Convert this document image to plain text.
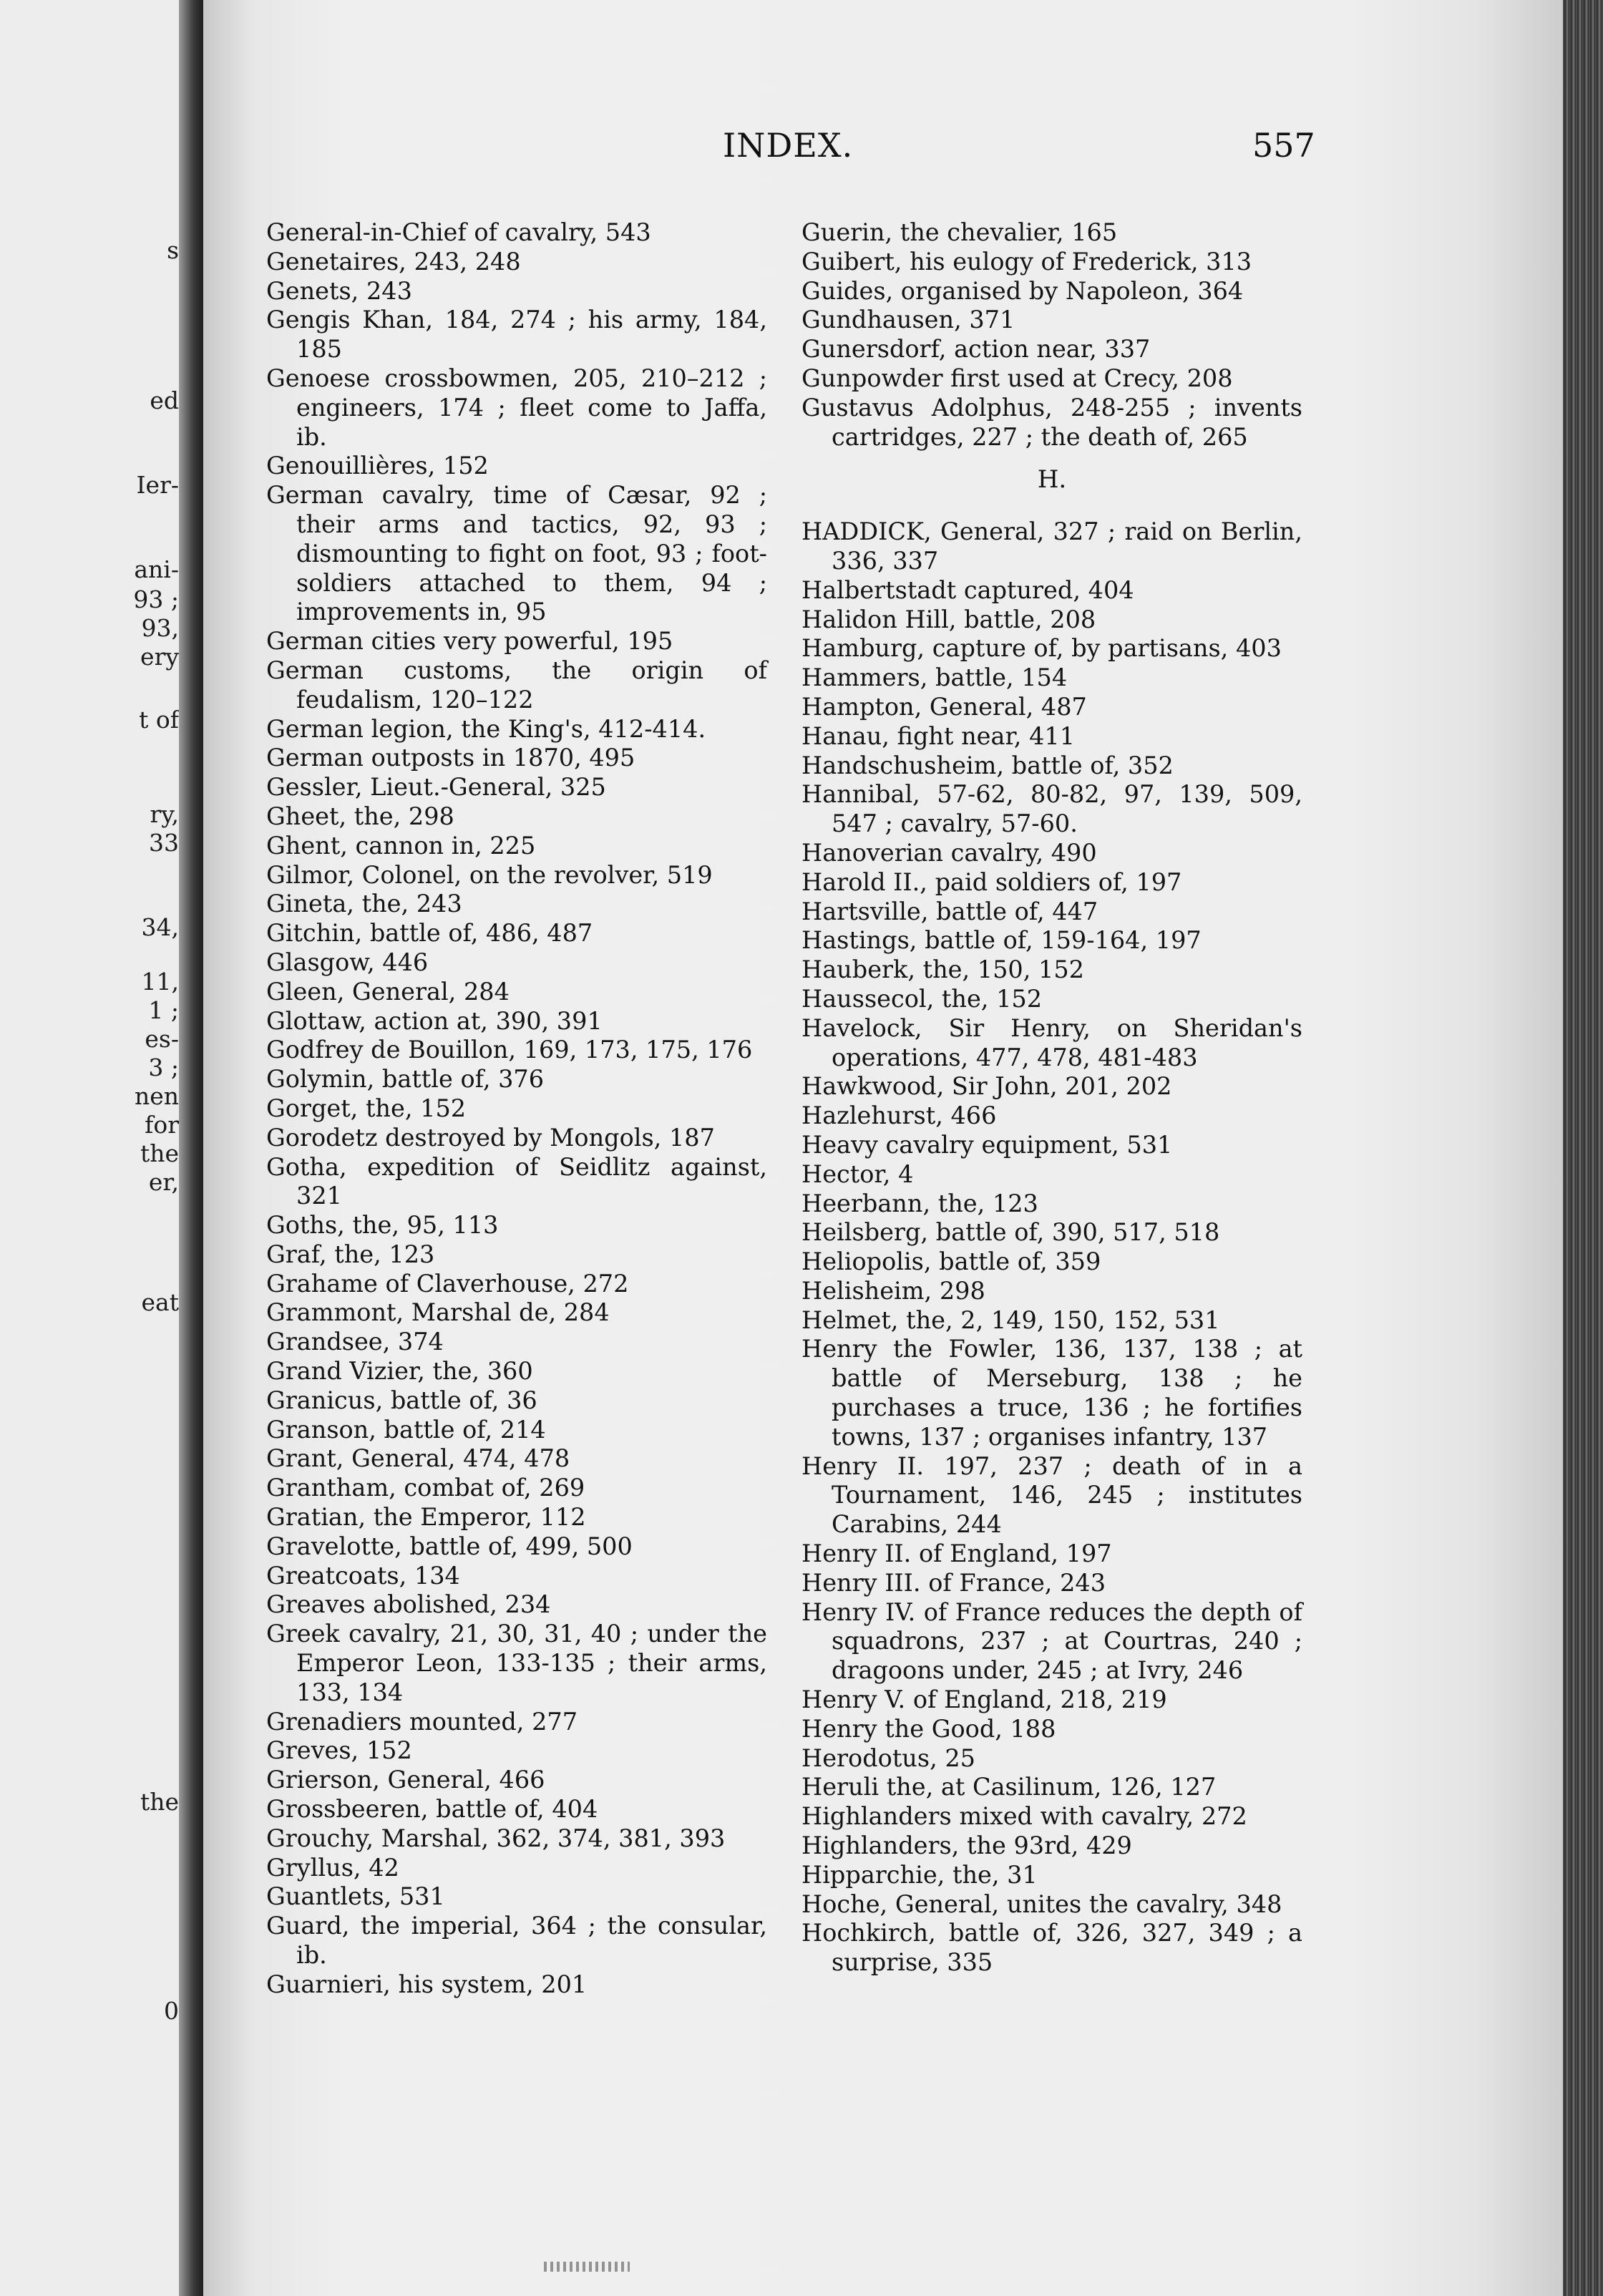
s
ed
Ier-
ani-
93 ;
93,
ery
t of
ry,
33
34,
11,
1 ;
es-
3 ;
nen
for
the
er,
eat
the
0
INDEX.	557
General-in-Chief of cavalry, 543
Genetaires, 243, 248
Genets, 243
Gengis Khan, 184, 274 ; his army, 184, 185
Genoese crossbowmen, 205, 210–212 ; engineers, 174 ; fleet come to Jaffa, ib.
Genouillières, 152
German cavalry, time of Cæsar, 92 ; their arms and tactics, 92, 93 ; dismounting to fight on foot, 93 ; foot-soldiers attached to them, 94 ; improvements in, 95
German cities very powerful, 195
German customs, the origin of feudalism, 120–122
German legion, the King's, 412-414.
German outposts in 1870, 495
Gessler, Lieut.-General, 325
Gheet, the, 298
Ghent, cannon in, 225
Gilmor, Colonel, on the revolver, 519
Gineta, the, 243
Gitchin, battle of, 486, 487
Glasgow, 446
Gleen, General, 284
Glottaw, action at, 390, 391
Godfrey de Bouillon, 169, 173, 175, 176
Golymin, battle of, 376
Gorget, the, 152
Gorodetz destroyed by Mongols, 187
Gotha, expedition of Seidlitz against, 321
Goths, the, 95, 113
Graf, the, 123
Grahame of Claverhouse, 272
Grammont, Marshal de, 284
Grandsee, 374
Grand Vizier, the, 360
Granicus, battle of, 36
Granson, battle of, 214
Grant, General, 474, 478
Grantham, combat of, 269
Gratian, the Emperor, 112
Gravelotte, battle of, 499, 500
Greatcoats, 134
Greaves abolished, 234
Greek cavalry, 21, 30, 31, 40 ; under the Emperor Leon, 133-135 ; their arms, 133, 134
Grenadiers mounted, 277
Greves, 152
Grierson, General, 466
Grossbeeren, battle of, 404
Grouchy, Marshal, 362, 374, 381, 393
Gryllus, 42
Guantlets, 531
Guard, the imperial, 364 ; the consular, ib.
Guarnieri, his system, 201
Guerin, the chevalier, 165
Guibert, his eulogy of Frederick, 313
Guides, organised by Napoleon, 364
Gundhausen, 371
Gunersdorf, action near, 337
Gunpowder first used at Crecy, 208
Gustavus Adolphus, 248-255 ; invents cartridges, 227 ; the death of, 265
H.
HADDICK, General, 327 ; raid on Berlin, 336, 337
Halbertstadt captured, 404
Halidon Hill, battle, 208
Hamburg, capture of, by partisans, 403
Hammers, battle, 154
Hampton, General, 487
Hanau, fight near, 411
Handschusheim, battle of, 352
Hannibal, 57-62, 80-82, 97, 139, 509, 547 ; cavalry, 57-60.
Hanoverian cavalry, 490
Harold II., paid soldiers of, 197
Hartsville, battle of, 447
Hastings, battle of, 159-164, 197
Hauberk, the, 150, 152
Haussecol, the, 152
Havelock, Sir Henry, on Sheridan's operations, 477, 478, 481-483
Hawkwood, Sir John, 201, 202
Hazlehurst, 466
Heavy cavalry equipment, 531
Hector, 4
Heerbann, the, 123
Heilsberg, battle of, 390, 517, 518
Heliopolis, battle of, 359
Helisheim, 298
Helmet, the, 2, 149, 150, 152, 531
Henry the Fowler, 136, 137, 138 ; at battle of Merseburg, 138 ; he purchases a truce, 136 ; he fortifies towns, 137 ; organises infantry, 137
Henry II. 197, 237 ; death of in a Tournament, 146, 245 ; institutes Carabins, 244
Henry II. of England, 197
Henry III. of France, 243
Henry IV. of France reduces the depth of squadrons, 237 ; at Courtras, 240 ; dragoons under, 245 ; at Ivry, 246
Henry V. of England, 218, 219
Henry the Good, 188
Herodotus, 25
Heruli the, at Casilinum, 126, 127
Highlanders mixed with cavalry, 272
Highlanders, the 93rd, 429
Hipparchie, the, 31
Hoche, General, unites the cavalry, 348
Hochkirch, battle of, 326, 327, 349 ; a surprise, 335
